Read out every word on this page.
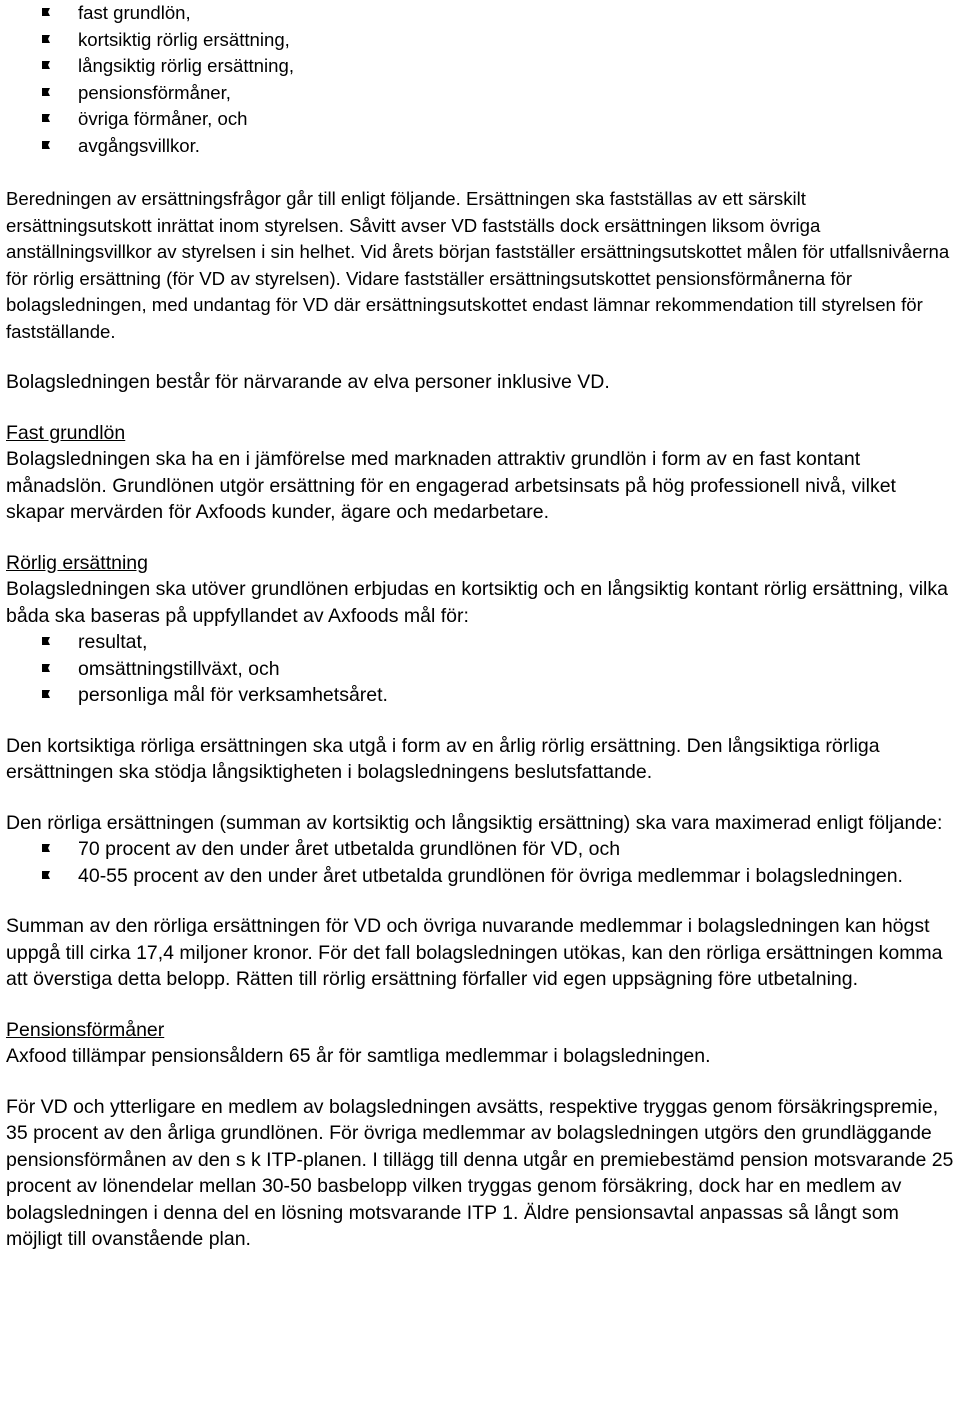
fast grundlön,
kortsiktig rörlig ersättning,
långsiktig rörlig ersättning,
pensionsförmåner,
övriga förmåner, och
avgångsvillkor.

Beredningen av ersättningsfrågor går till enligt följande. Ersättningen ska fastställas av ett särskilt ersättningsutskott inrättat inom styrelsen. Såvitt avser VD fastställs dock ersättningen liksom övriga anställningsvillkor av styrelsen i sin helhet. Vid årets början fastställer ersättningsutskottet målen för utfallsnivåerna för rörlig ersättning (för VD av styrelsen). Vidare fastställer ersättningsutskottet pensionsförmånerna för bolagsledningen, med undantag för VD där ersättningsutskottet endast lämnar rekommendation till styrelsen för fastställande.

Bolagsledningen består för närvarande av elva personer inklusive VD.

Fast grundlön

Bolagsledningen ska ha en i jämförelse med marknaden attraktiv grundlön i form av en fast kontant månadslön. Grundlönen utgör ersättning för en engagerad arbetsinsats på hög professionell nivå, vilket skapar mervärden för Axfoods kunder, ägare och medarbetare.

Rörlig ersättning

Bolagsledningen ska utöver grundlönen erbjudas en kortsiktig och en långsiktig kontant rörlig ersättning, vilka båda ska baseras på uppfyllandet av Axfoods mål för:

resultat,
omsättningstillväxt, och
personliga mål för verksamhetsåret.

Den kortsiktiga rörliga ersättningen ska utgå i form av en årlig rörlig ersättning. Den långsiktiga rörliga ersättningen ska stödja långsiktigheten i bolagsledningens beslutsfattande.

Den rörliga ersättningen (summan av kortsiktig och långsiktig ersättning) ska vara maximerad enligt följande:

70 procent av den under året utbetalda grundlönen för VD, och
40-55 procent av den under året utbetalda grundlönen för övriga medlemmar i bolagsledningen.

Summan av den rörliga ersättningen för VD och övriga nuvarande medlemmar i bolagsledningen kan högst uppgå till cirka 17,4 miljoner kronor. För det fall bolagsledningen utökas, kan den rörliga ersättningen komma att överstiga detta belopp. Rätten till rörlig ersättning förfaller vid egen uppsägning före utbetalning.

Pensionsförmåner

Axfood tillämpar pensionsåldern 65 år för samtliga medlemmar i bolagsledningen.

För VD och ytterligare en medlem av bolagsledningen avsätts, respektive tryggas genom försäkringspremie, 35 procent av den årliga grundlönen. För övriga medlemmar av bolagsledningen utgörs den grundläggande pensionsförmånen av den s k ITP-planen. I tillägg till denna utgår en premiebestämd pension motsvarande 25 procent av lönendelar mellan 30-50 basbelopp vilken tryggas genom försäkring, dock har en medlem av bolagsledningen i denna del en lösning motsvarande ITP 1. Äldre pensionsavtal anpassas så långt som möjligt till ovanstående plan.
